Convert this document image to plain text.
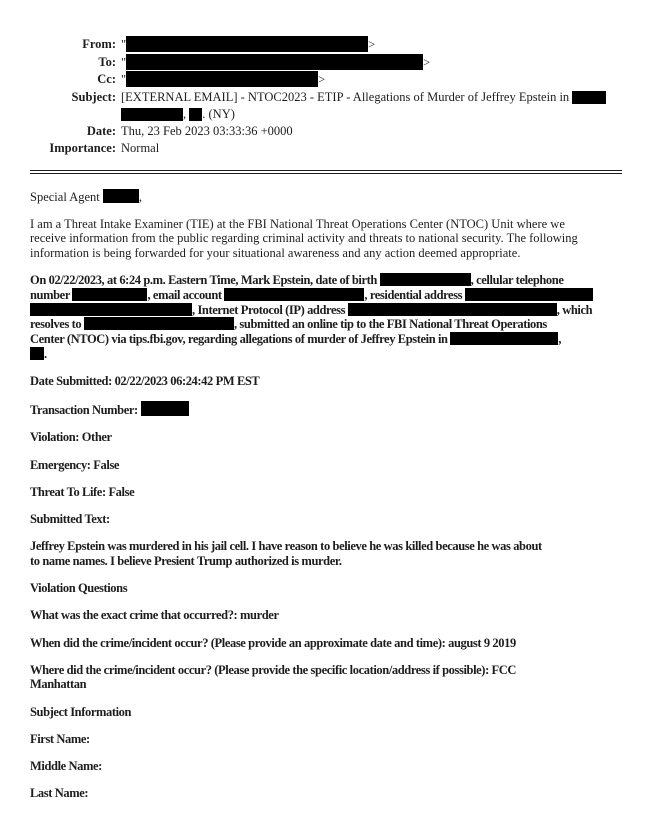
From: "	>
To: "	>
Cc: "	>
Subject: [EXTERNAL EMAIL] - NTOC2023 - ETIP - Allegations of Murder of Jeffrey Epstein in
, . (NY)
Date: Thu, 23 Feb 2023 03:33:36 +0000
Importance: Normal
Special Agent	,
I am a Threat Intake Examiner (TIE) at the FBI National Threat Operations Center (NTOC) Unit where we
receive information from the public regarding criminal activity and threats to national security. The following
information is being forwarded for your situational awareness and any action deemed appropriate.
On 02/22/2023, at 6:24 p.m. Eastern Time, Mark Epstein, date of birth	, cellular telephone
number	, email account	, residential address
, Internet Protocol (IP) address	, which
resolves to	, submitted an online tip to the FBI National Threat Operations
Center (NTOC) via tips.fbi.gov, regarding allegations of murder of Jeffrey Epstein in	,
.
Date Submitted: 02/22/2023 06:24:42 PM EST
Transaction Number:
Violation: Other
Emergency: False
Threat To Life: False
Submitted Text:
Jeffrey Epstein was murdered in his jail cell. I have reason to believe he was killed because he was about
to name names. I believe Presient Trump authorized is murder.
Violation Questions
What was the exact crime that occurred?: murder
When did the crime/incident occur? (Please provide an approximate date and time): august 9 2019
Where did the crime/incident occur? (Please provide the specific location/address if possible): FCC
Manhattan
Subject Information
First Name:
Middle Name:
Last Name:
